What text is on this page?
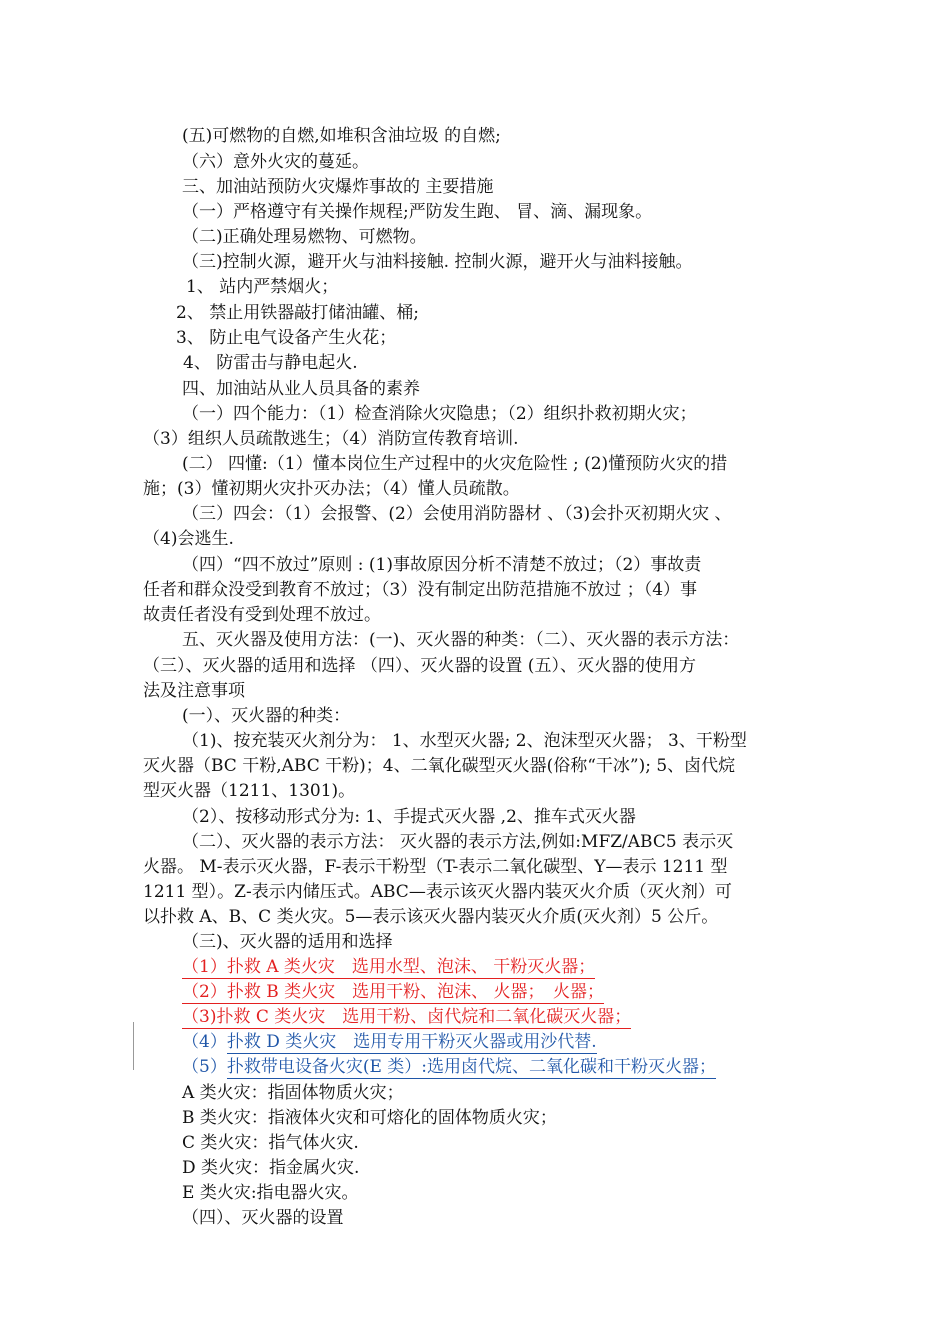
(五)可燃物的自燃,如堆积含油垃圾 的自燃;
（六）意外火灾的蔓延。
三、加油站预防火灾爆炸事故的 主要措施
（一）严格遵守有关操作规程;严防发生跑、 冒、滴、漏现象。
（二)正确处理易燃物、可燃物。
（三)控制火源，避开火与油料接触. 控制火源，避开火与油料接触。
1、 站内严禁烟火；
2、 禁止用铁器敲打储油罐、桶;
3、 防止电气设备产生火花；
4、 防雷击与静电起火.
四、加油站从业人员具备的素养
（一）四个能力：（1）检查消除火灾隐患；（2）组织扑救初期火灾；
（3）组织人员疏散逃生；（4）消防宣传教育培训.
(二） 四懂:（1）懂本岗位生产过程中的火灾危险性 ; (2)懂预防火灾的措
施；(3）懂初期火灾扑灭办法；（4）懂人员疏散。
（三）四会：（1）会报警、(2）会使用消防器材 、（3)会扑灭初期火灾 、
（4)会逃生.
（四）“四不放过”原则 : (1)事故原因分析不清楚不放过；（2）事故责
任者和群众没受到教育不放过；（3）没有制定出防范措施不放过 ；（4）事
故责任者没有受到处理不放过。
五、灭火器及使用方法：(一)、灭火器的种类：（二）、灭火器的表示方法：
（三）、灭火器的适用和选择 （四）、灭火器的设置 (五）、灭火器的使用方
法及注意事项
(一）、灭火器的种类：
（1)、按充装灭火剂分为： 1、水型灭火器; 2、泡沫型灭火器； 3、干粉型
灭火器（BC 干粉,ABC 干粉)；4、二氧化碳型灭火器(俗称“干冰”); 5、卤代烷
型灭火器（1211、1301)。
（2）、按移动形式分为: 1、手提式灭火器 ,2、推车式灭火器
（二）、灭火器的表示方法： 灭火器的表示方法,例如:MFZ/ABC5 表示灭
火器。 M-表示灭火器，F-表示干粉型（T-表示二氧化碳型、Y—表示 1211 型
1211 型）。Z-表示内储压式。ABC—表示该灭火器内装灭火介质（灭火剂）可
以扑救 A、B、C 类火灾。5—表示该灭火器内装灭火介质(灭火剂）5 公斤。
（三)、灭火器的适用和选择
（1）扑救 A 类火灾　选用水型、泡沫、 干粉灭火器；
（2）扑救 B 类火灾　选用干粉、泡沫、 火器；　火器；
（3)扑救 C 类火灾　选用干粉、卤代烷和二氧化碳灭火器；
（4）扑救 D 类火灾　选用专用干粉灭火器或用沙代替.
（5）扑救带电设备火灾(E 类）:选用卤代烷、二氧化碳和干粉灭火器；
A 类火灾：指固体物质火灾；
B 类火灾：指液体火灾和可熔化的固体物质火灾；
C 类火灾：指气体火灾.
D 类火灾：指金属火灾.
E 类火灾:指电器火灾。
（四）、灭火器的设置
